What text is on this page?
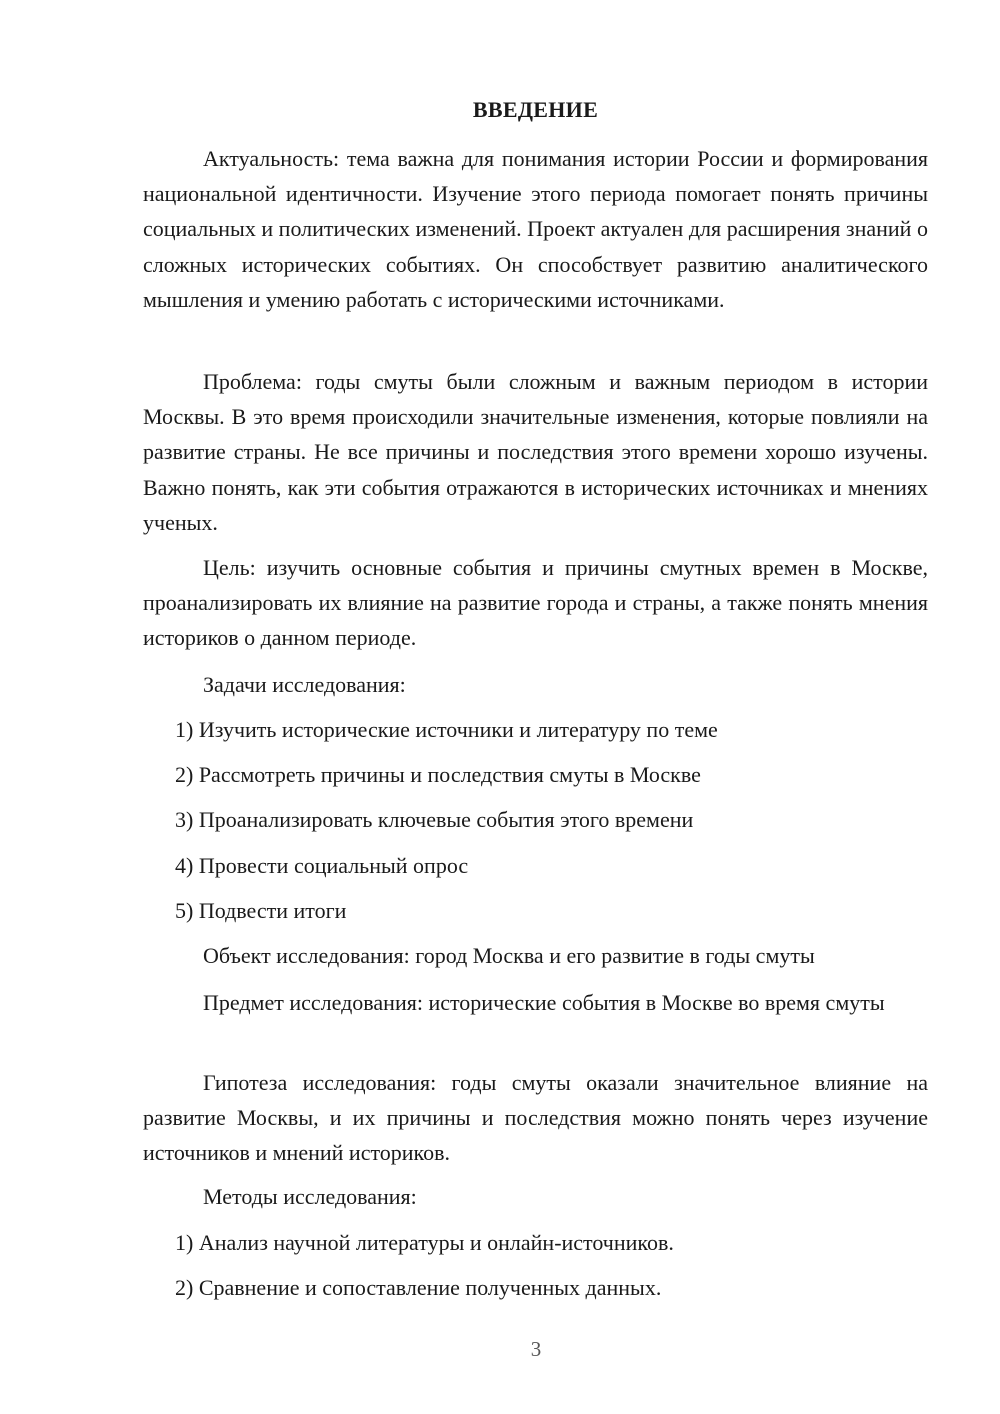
ВВЕДЕНИЕ

Актуальность: тема важна для понимания истории России и формирования национальной идентичности. Изучение этого периода помогает понять причины социальных и политических изменений. Проект актуален для расширения знаний о сложных исторических событиях. Он способствует развитию аналитического мышления и умению работать с историческими источниками.

Проблема: годы смуты были сложным и важным периодом в истории Москвы. В это время происходили значительные изменения, которые повлияли на развитие страны. Не все причины и последствия этого времени хорошо изучены. Важно понять, как эти события отражаются в исторических источниках и мнениях ученых.

Цель: изучить основные события и причины смутных времен в Москве, проанализировать их влияние на развитие города и страны, а также понять мнения историков о данном периоде.

Задачи исследования:

1) Изучить исторические источники и литературу по теме

2) Рассмотреть причины и последствия смуты в Москве

3) Проанализировать ключевые события этого времени

4) Провести социальный опрос

5) Подвести итоги

Объект исследования: город Москва и его развитие в годы смуты

Предмет исследования: исторические события в Москве во время смуты

Гипотеза исследования: годы смуты оказали значительное влияние на развитие Москвы, и их причины и последствия можно понять через изучение источников и мнений историков.

Методы исследования:

1) Анализ научной литературы и онлайн-источников.

2) Сравнение и сопоставление полученных данных.

3
